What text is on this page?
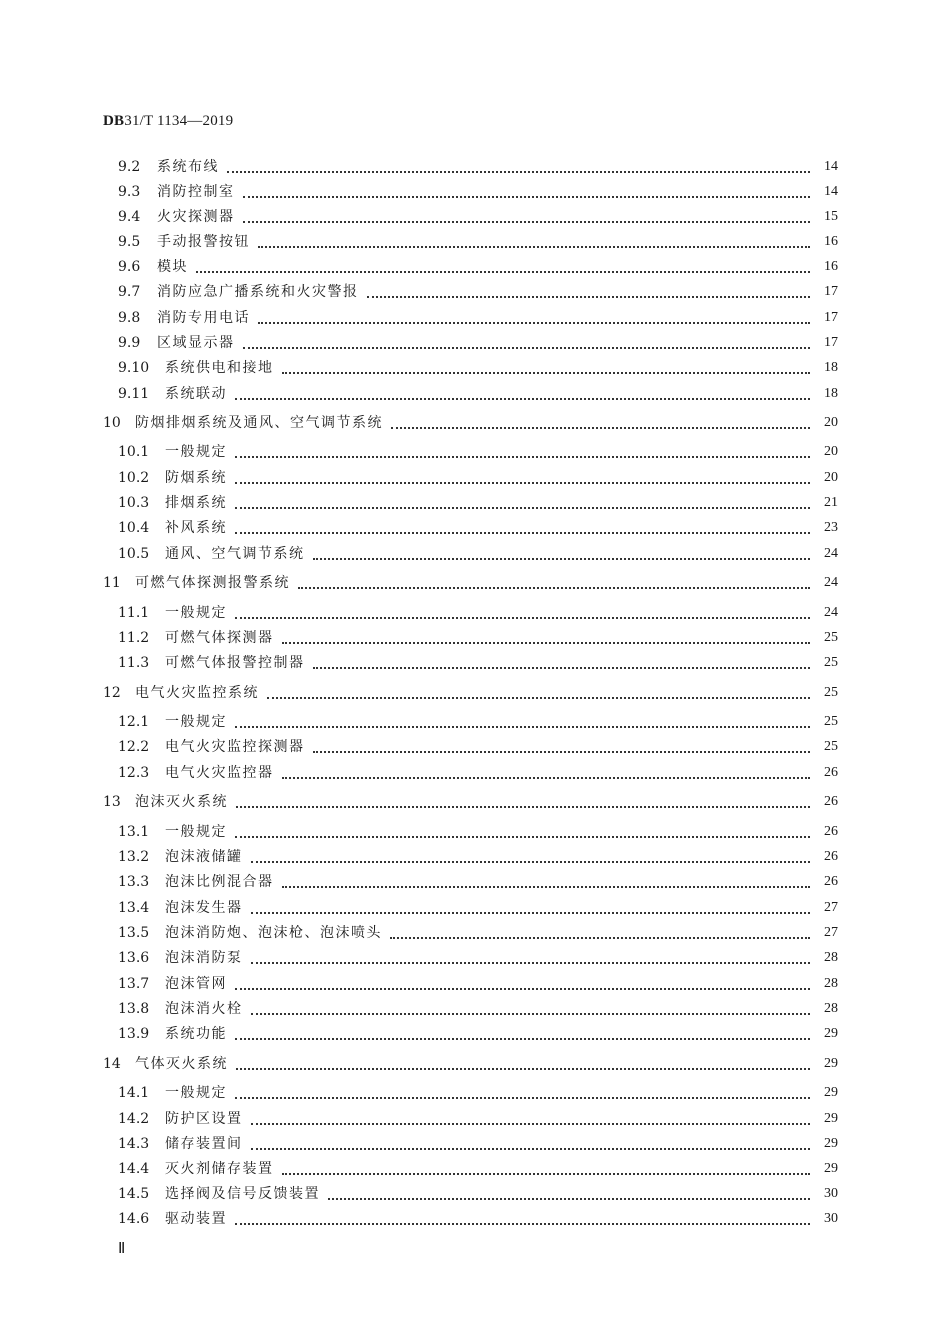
DB31/T 1134—2019
9.2 系统布线	14
9.3 消防控制室	14
9.4 火灾探测器	15
9.5 手动报警按钮	16
9.6 模块	16
9.7 消防应急广播系统和火灾警报	17
9.8 消防专用电话	17
9.9 区域显示器	17
9.10 系统供电和接地	18
9.11 系统联动	18
10 防烟排烟系统及通风、空气调节系统	20
10.1 一般规定	20
10.2 防烟系统	20
10.3 排烟系统	21
10.4 补风系统	23
10.5 通风、空气调节系统	24
11 可燃气体探测报警系统	24
11.1 一般规定	24
11.2 可燃气体探测器	25
11.3 可燃气体报警控制器	25
12 电气火灾监控系统	25
12.1 一般规定	25
12.2 电气火灾监控探测器	25
12.3 电气火灾监控器	26
13 泡沫灭火系统	26
13.1 一般规定	26
13.2 泡沫液储罐	26
13.3 泡沫比例混合器	26
13.4 泡沫发生器	27
13.5 泡沫消防炮、泡沫枪、泡沫喷头	27
13.6 泡沫消防泵	28
13.7 泡沫管网	28
13.8 泡沫消火栓	28
13.9 系统功能	29
14 气体灭火系统	29
14.1 一般规定	29
14.2 防护区设置	29
14.3 储存装置间	29
14.4 灭火剂储存装置	29
14.5 选择阀及信号反馈装置	30
14.6 驱动装置	30
Ⅱ
